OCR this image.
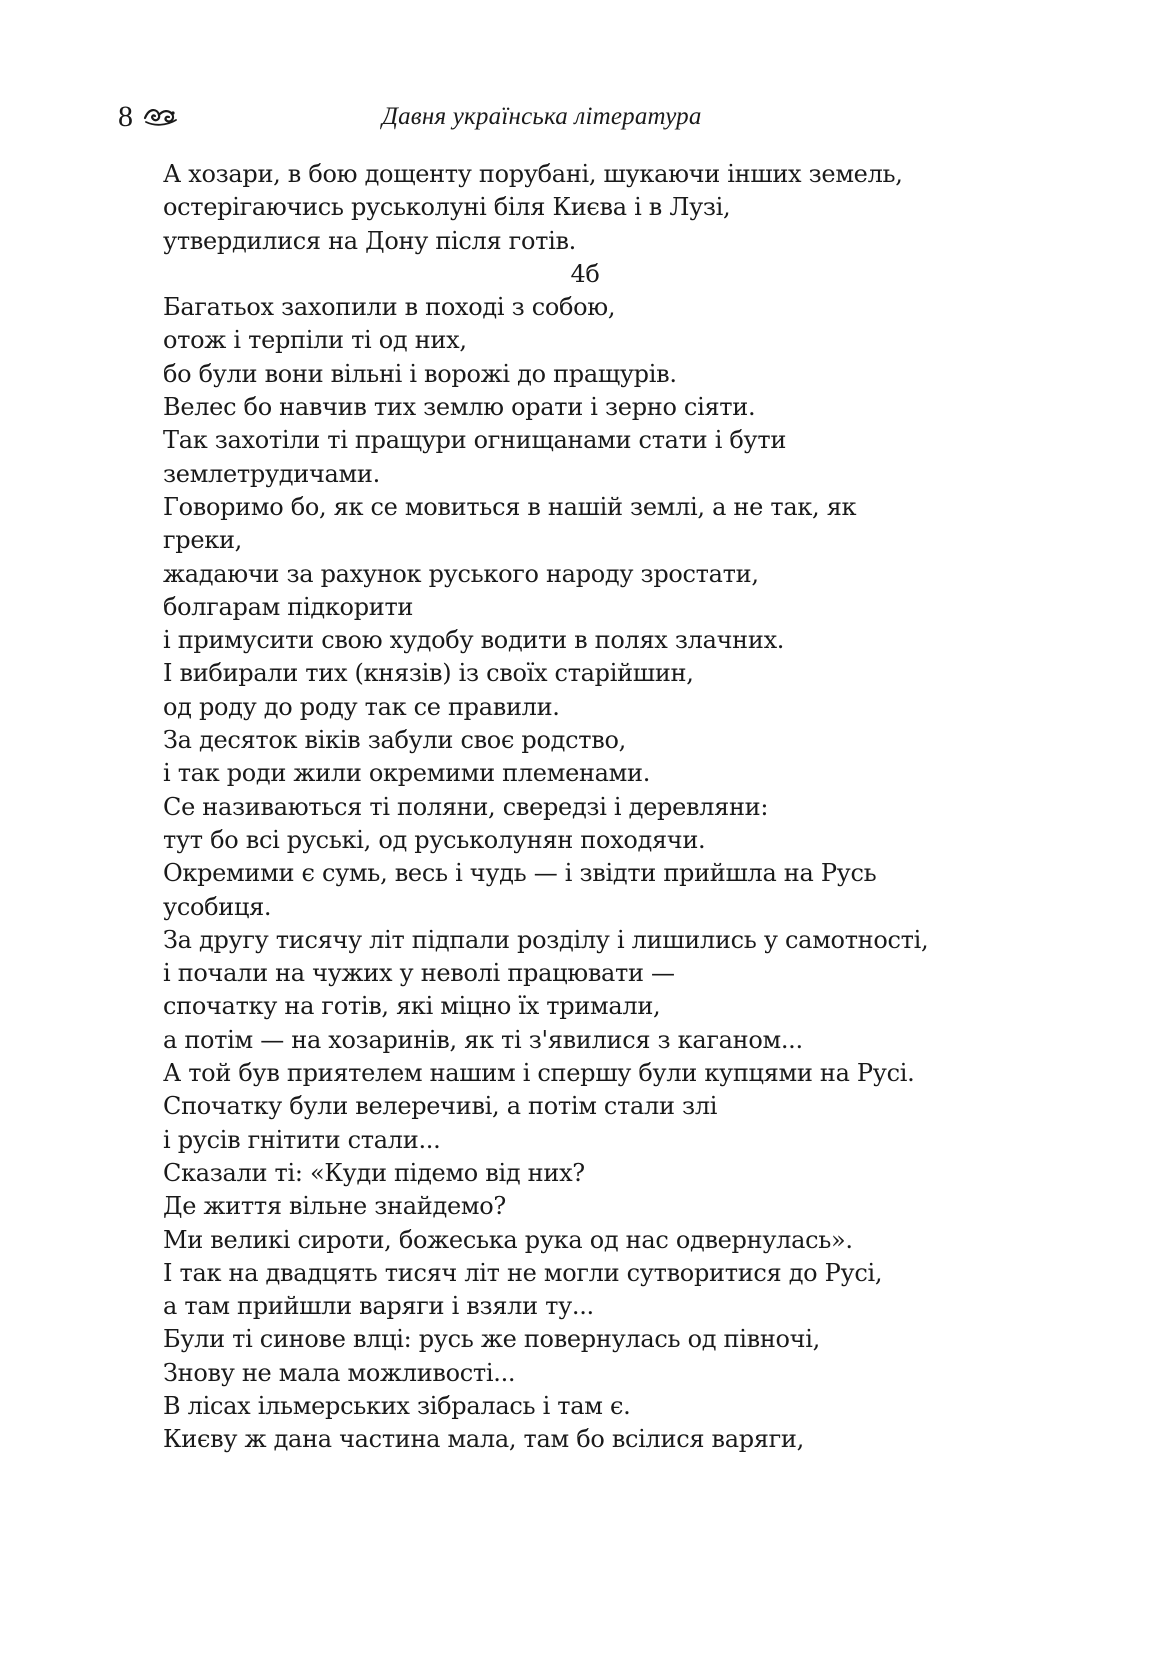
8	Давня українська література
А хозари, в бою дощенту порубані, шукаючи інших земель,
остерігаючись руськолуні біля Києва і в Лузі,
утвердилися на Дону після готів.
4б
Багатьох захопили в поході з собою,
отож і терпіли ті од них,
бо були вони вільні і ворожі до пращурів.
Велес бо навчив тих землю орати і зерно сіяти.
Так захотіли ті пращури огнищанами стати і бути
землетрудичами.
Говоримо бо, як се мовиться в нашій землі, а не так, як
греки,
жадаючи за рахунок руського народу зростати,
болгарам підкорити
і примусити свою худобу водити в полях злачних.
І вибирали тих (князів) із своїх старійшин,
од роду до роду так се правили.
За десяток віків забули своє родство,
і так роди жили окремими племенами.
Се називаються ті поляни, свередзі і деревляни:
тут бо всі руські, од руськолунян походячи.
Окремими є сумь, весь і чудь — і звідти прийшла на Русь
усобиця.
За другу тисячу літ підпали розділу і лишились у самотності,
і почали на чужих у неволі працювати —
спочатку на готів, які міцно їх тримали,
а потім — на хозаринів, як ті з'явилися з каганом...
А той був приятелем нашим і спершу були купцями на Русі.
Спочатку були велеречиві, а потім стали злі
і русів гнітити стали...
Сказали ті: «Куди підемо від них?
Де життя вільне знайдемо?
Ми великі сироти, божеська рука од нас одвернулась».
І так на двадцять тисяч літ не могли сутворитися до Русі,
а там прийшли варяги і взяли ту...
Були ті синове влці: русь же повернулась од півночі,
Знову не мала можливості...
В лісах ільмерських зібралась і там є.
Києву ж дана частина мала, там бо всілися варяги,
